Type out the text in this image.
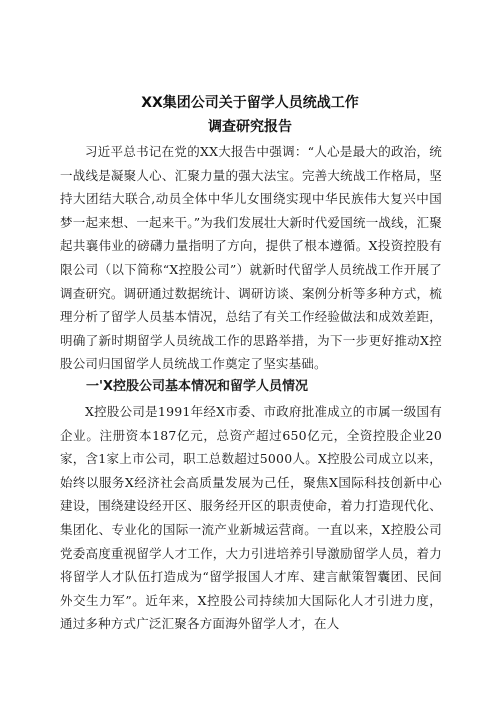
XX集团公司关于留学人员统战工作
调查研究报告

习近平总书记在党的XX大报告中强调：“人心是最大的政治，统一战线是凝聚人心、汇聚力量的强大法宝。完善大统战工作格局，坚持大团结大联合,动员全体中华儿女围绕实现中华民族伟大复兴中国梦一起来想、一起来干。”为我们发展壮大新时代爱国统一战线，汇聚起共襄伟业的磅礴力量指明了方向，提供了根本遵循。X投资控股有限公司（以下简称“X控股公司”）就新时代留学人员统战工作开展了调查研究。调研通过数据统计、调研访谈、案例分析等多种方式，梳理分析了留学人员基本情况，总结了有关工作经验做法和成效差距，明确了新时期留学人员统战工作的思路举措，为下一步更好推动X控股公司归国留学人员统战工作奠定了坚实基础。

一'X控股公司基本情况和留学人员情况

X控股公司是1991年经X市委、市政府批准成立的市属一级国有企业。注册资本187亿元，总资产超过650亿元，全资控股企业20家，含1家上市公司，职工总数超过5000人。X控股公司成立以来，始终以服务X经济社会高质量发展为己任，聚焦X国际科技创新中心建设，围绕建设经开区、服务经开区的职责使命，着力打造现代化、集团化、专业化的国际一流产业新城运营商。一直以来，X控股公司党委高度重视留学人才工作，大力引进培养引导激励留学人员，着力将留学人才队伍打造成为“留学报国人才库、建言献策智囊团、民间外交生力军”。近年来，X控股公司持续加大国际化人才引进力度，通过多种方式广泛汇聚各方面海外留学人才，在人
